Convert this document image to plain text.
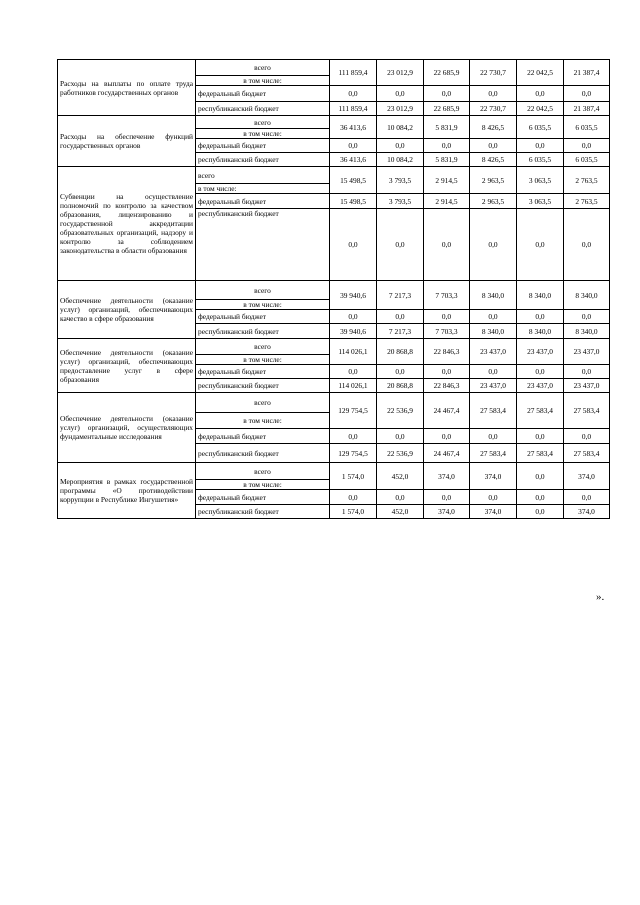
Расходы на выплаты по оплате труда работников государственных органов	всего	111 859,4	23 012,9	22 685,9	22 730,7	22 042,5	21 387,4
	в том числе:						
	федеральный бюджет	0,0	0,0	0,0	0,0	0,0	0,0
	республиканский бюджет	111 859,4	23 012,9	22 685,9	22 730,7	22 042,5	21 387,4
Расходы на обеспечение функций государственных органов	всего	36 413,6	10 084,2	5 831,9	8 426,5	6 035,5	6 035,5
	в том числе:						
	федеральный бюджет	0,0	0,0	0,0	0,0	0,0	0,0
	республиканский бюджет	36 413,6	10 084,2	5 831,9	8 426,5	6 035,5	6 035,5
Субвенции на осуществление полномочий по контролю за качеством образования, лицензированию и государственной аккредитации образовательных организаций, надзору и контролю за соблюдением законодательства в области образования	всего	15 498,5	3 793,5	2 914,5	2 963,5	3 063,5	2 763,5
	в том числе:						
	федеральный бюджет	15 498,5	3 793,5	2 914,5	2 963,5	3 063,5	2 763,5
	республиканский бюджет	0,0	0,0	0,0	0,0	0,0	0,0
Обеспечение деятельности (оказание услуг) организаций, обеспечивающих качество в сфере образования	всего	39 940,6	7 217,3	7 703,3	8 340,0	8 340,0	8 340,0
	в том числе:						
	федеральный бюджет	0,0	0,0	0,0	0,0	0,0	0,0
	республиканский бюджет	39 940,6	7 217,3	7 703,3	8 340,0	8 340,0	8 340,0
Обеспечение деятельности (оказание услуг) организаций, обеспечивающих предоставление услуг в сфере образования	всего	114 026,1	20 868,8	22 846,3	23 437,0	23 437,0	23 437,0
	в том числе:						
	федеральный бюджет	0,0	0,0	0,0	0,0	0,0	0,0
	республиканский бюджет	114 026,1	20 868,8	22 846,3	23 437,0	23 437,0	23 437,0
Обеспечение деятельности (оказание услуг) организаций, осуществляющих фундаментальные исследования	всего	129 754,5	22 536,9	24 467,4	27 583,4	27 583,4	27 583,4
	в том числе:						
	федеральный бюджет	0,0	0,0	0,0	0,0	0,0	0,0
	республиканский бюджет	129 754,5	22 536,9	24 467,4	27 583,4	27 583,4	27 583,4
Мероприятия в рамках государственной программы «О противодействии коррупции в Республике Ингушетия»	всего	1 574,0	452,0	374,0	374,0	0,0	374,0
	в том числе:						
	федеральный бюджет	0,0	0,0	0,0	0,0	0,0	0,0
	республиканский бюджет	1 574,0	452,0	374,0	374,0	0,0	374,0
».
